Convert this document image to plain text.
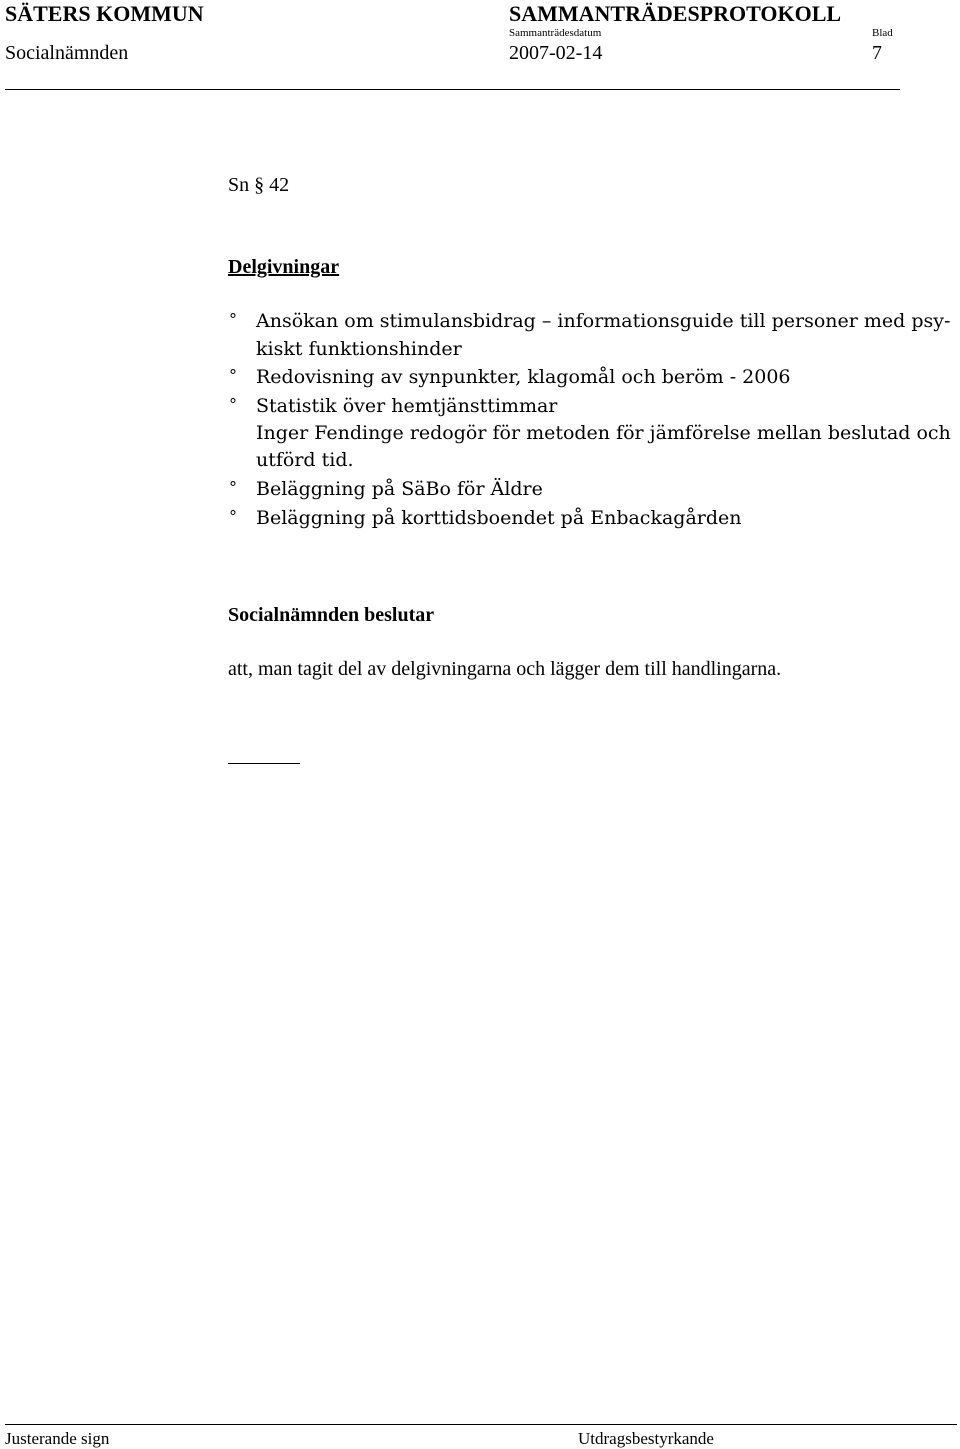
SÄTERS KOMMUN	SAMMANTRÄDESPROTOKOLL
Sammanträdesdatum	Blad
Socialnämnden	2007-02-14	7
Sn § 42
Delgivningar
° Ansökan om stimulansbidrag – informationsguide till personer med psy-
kiskt funktionshinder
° Redovisning av synpunkter, klagomål och beröm - 2006
° Statistik över hemtjänsttimmar
Inger Fendinge redogör för metoden för jämförelse mellan beslutad och
utförd tid.
° Beläggning på SäBo för Äldre
° Beläggning på korttidsboendet på Enbackagården
Socialnämnden beslutar
att, man tagit del av delgivningarna och lägger dem till handlingarna.
Justerande sign	Utdragsbestyrkande
